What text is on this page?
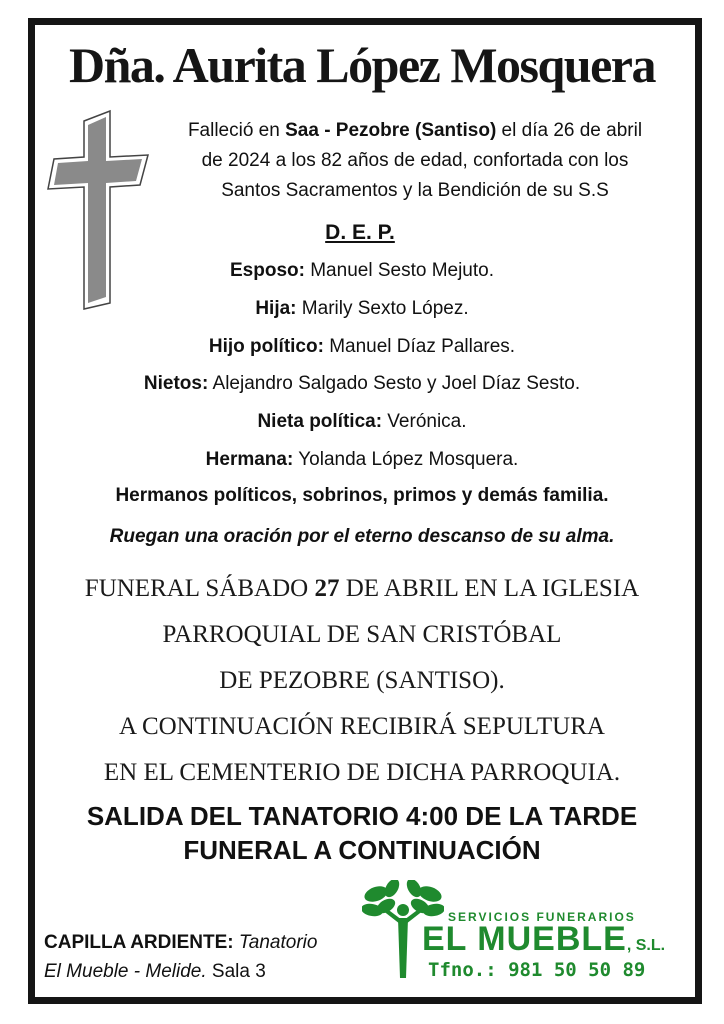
Dña. Aurita López Mosquera

Falleció en Saa - Pezobre (Santiso) el día 26 de abril

de 2024 a los 82 años de edad, confortada con los

Santos Sacramentos y la Bendición de su S.S

D. E. P.
Esposo: Manuel Sesto Mejuto.
Hija: Marily Sexto López.
Hijo político: Manuel Díaz Pallares.
Nietos: Alejandro Salgado Sesto y Joel Díaz Sesto.
Nieta política: Verónica.
Hermana: Yolanda López Mosquera.
Hermanos políticos, sobrinos, primos y demás familia.
Ruegan una oración por el eterno descanso de su alma.

FUNERAL SÁBADO 27 DE ABRIL EN LA IGLESIA

PARROQUIAL DE SAN CRISTÓBAL

DE PEZOBRE (SANTISO).

A CONTINUACIÓN RECIBIRÁ SEPULTURA

EN EL CEMENTERIO DE DICHA PARROQUIA.

SALIDA DEL TANATORIO 4:00 DE LA TARDE

FUNERAL A CONTINUACIÓN

CAPILLA ARDIENTE: Tanatorio

El Mueble - Melide. Sala 3

SERVICIOS FUNERARIOS
EL MUEBLE, S.L.
Tfno.: 981 50 50 89
